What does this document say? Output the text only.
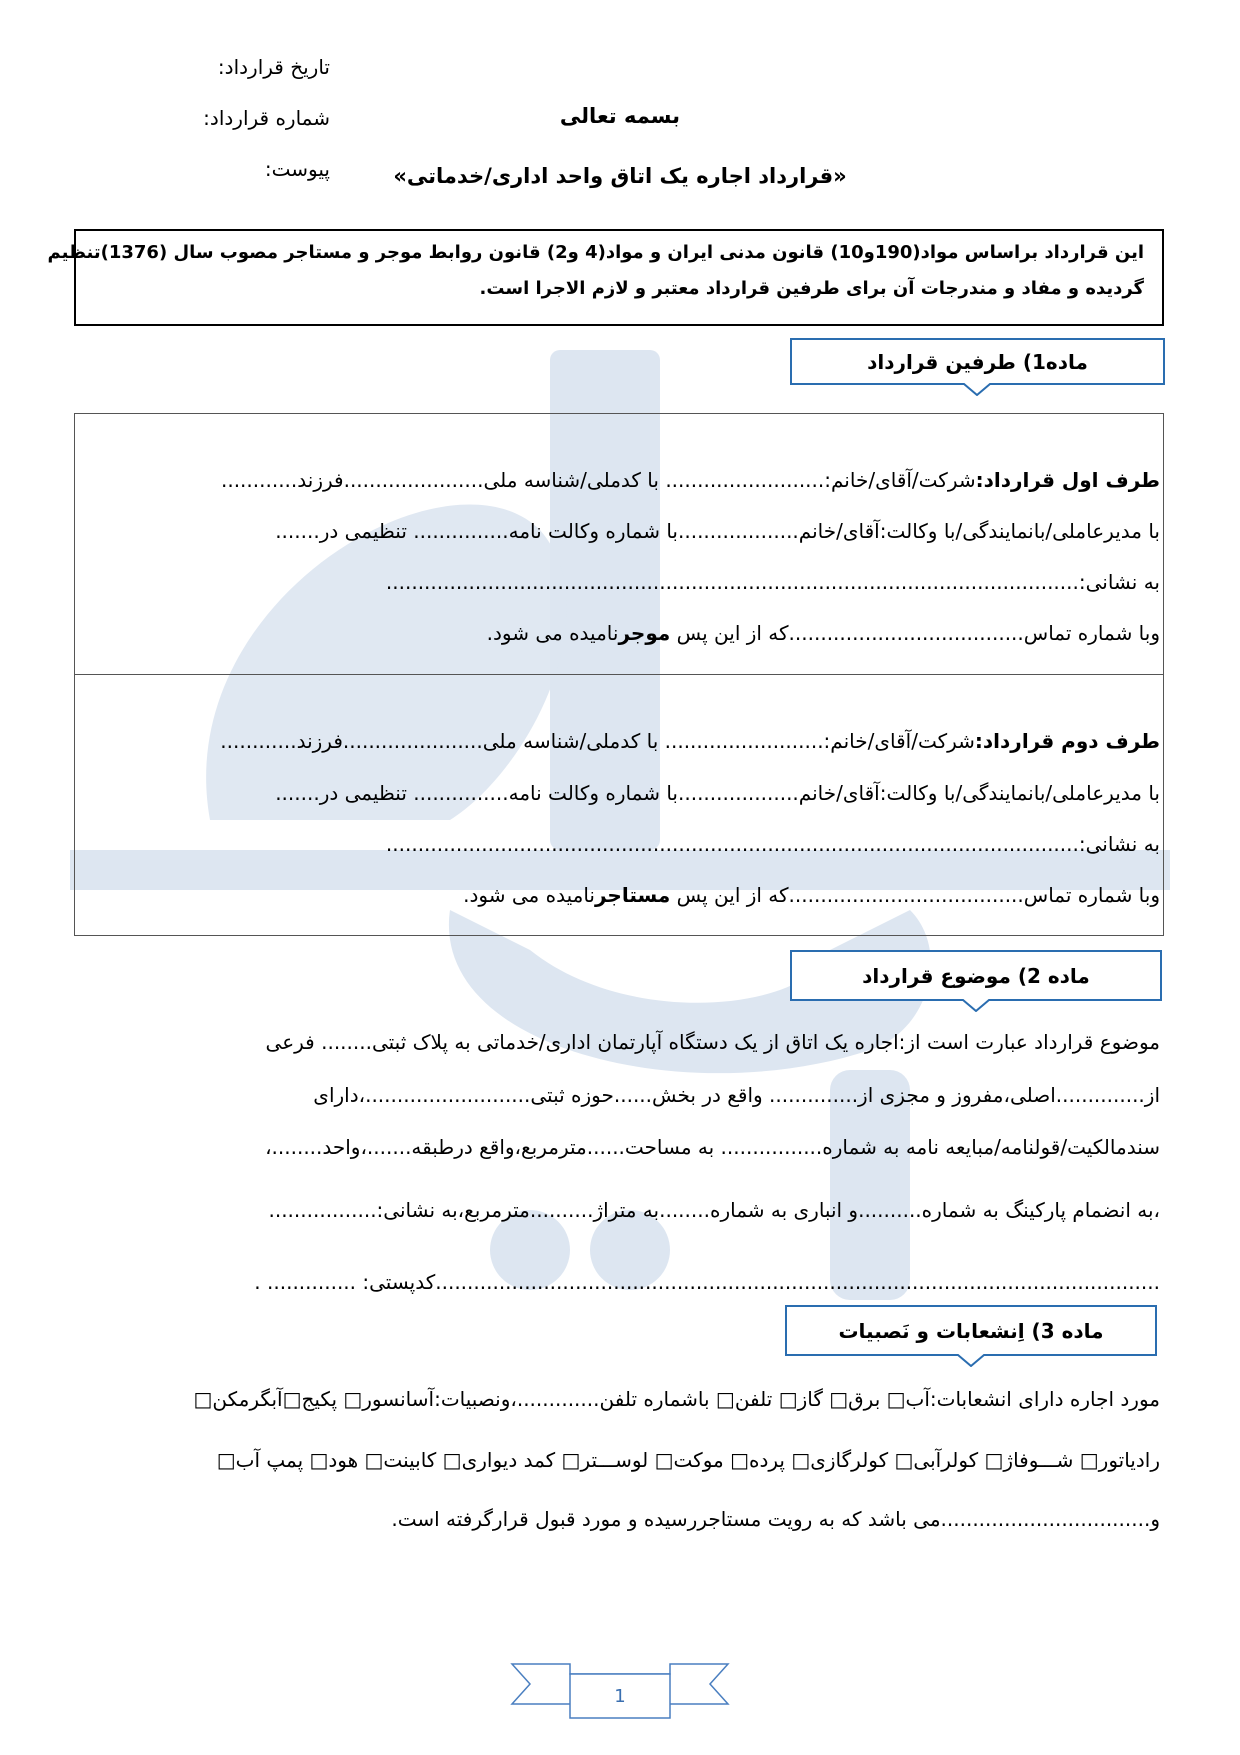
تاریخ قرارداد:
شماره قرارداد:
پیوست:
بسمه تعالی
«قرارداد اجاره یک اتاق واحد اداری/خدماتی»
این قرارداد براساس مواد(190و10) قانون مدنی ایران و مواد(4 و2) قانون روابط موجر و مستاجر مصوب سال (1376)تنظیم
گردیده و مفاد و مندرجات آن برای طرفین قرارداد معتبر و لازم الاجرا است.
ماده1) طرفین قرارداد
طرف اول قرارداد:شرکت/آقای/خانم:......................... با کدملی/شناسه ملی......................فرزند............
با مدیرعاملی/بانمایندگی/با وکالت:آقای/خانم...................با شماره وکالت نامه............... تنظیمی در.......
به نشانی:.............................................................................................................
وبا شماره تماس.....................................که از این پس موجرنامیده می شود.
طرف دوم قرارداد:شرکت/آقای/خانم:......................... با کدملی/شناسه ملی......................فرزند............
با مدیرعاملی/بانمایندگی/با وکالت:آقای/خانم...................با شماره وکالت نامه............... تنظیمی در.......
به نشانی:.............................................................................................................
وبا شماره تماس.....................................که از این پس مستاجرنامیده می شود.
ماده 2) موضوع قرارداد
موضوع قرارداد عبارت است از:اجاره یک اتاق از یک دستگاه آپارتمان اداری/خدماتی به پلاک ثبتی........ فرعی
از..............اصلی،مفروز و مجزی از.............. واقع در بخش......حوزه ثبتی..........................،دارای
سندمالکیت/قولنامه/مبایعه نامه به شماره................ به مساحت......مترمربع،واقع درطبقه.......،واحد........،
،به انضمام پارکینگ به شماره..........و انباری به شماره........به متراژ..........مترمربع،به نشانی:.................
..................................................................................................................کدپستی: .............. .
ماده 3) اِنشعابات و نَصبیات
مورد اجاره دارای انشعابات:آب□ برق□ گاز□ تلفن□ باشماره تلفن.............،ونصبیات:آسانسور□ پکیج□آبگرمکن□
رادیاتور□ شـــوفاژ□ کولرآبی□ کولرگازی□ پرده□ موکت□ لوســـتر□ کمد دیواری□ کابینت□ هود□ پمپ آب□
و.................................می باشد که به رویت مستاجررسیده و مورد قبول قرارگرفته است.
1
